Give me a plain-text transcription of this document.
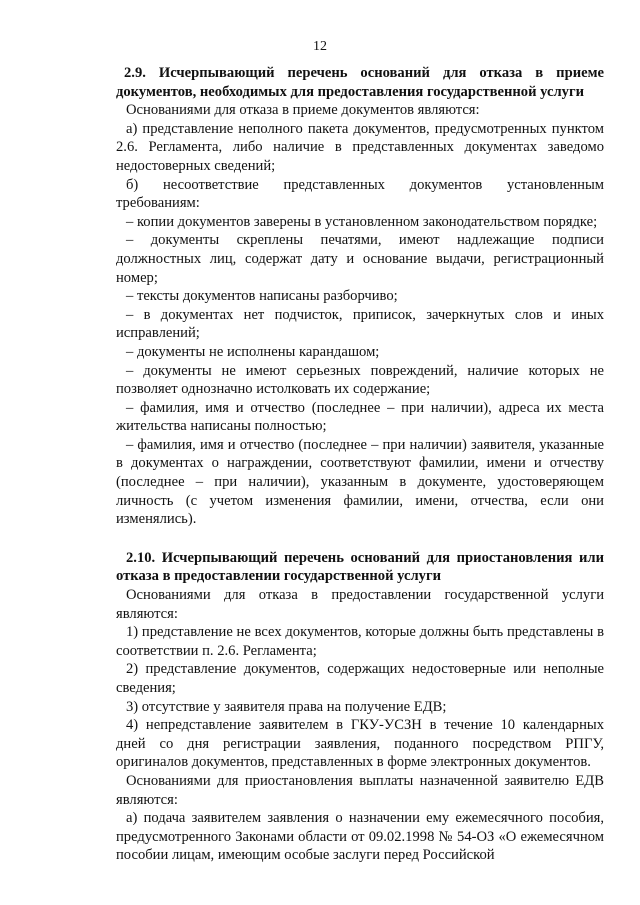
12

2.9. Исчерпывающий перечень оснований для отказа в приеме документов, необходимых для предоставления государственной услуги

Основаниями для отказа в приеме документов являются:

а) представление неполного пакета документов, предусмотренных пунктом 2.6. Регламента, либо наличие в представленных документах заведомо недостоверных сведений;

б) несоответствие представленных документов установленным требованиям:

– копии документов заверены в установленном законодательством порядке;

– документы скреплены печатями, имеют надлежащие подписи должностных лиц, содержат дату и основание выдачи, регистрационный номер;

– тексты документов написаны разборчиво;

– в документах нет подчисток, приписок, зачеркнутых слов и иных исправлений;

– документы не исполнены карандашом;

– документы не имеют серьезных повреждений, наличие которых не позволяет однозначно истолковать их содержание;

– фамилия, имя и отчество (последнее – при наличии), адреса их места жительства написаны полностью;

– фамилия, имя и отчество (последнее – при наличии) заявителя, указанные в документах о награждении, соответствуют фамилии, имени и отчеству (последнее – при наличии), указанным в документе, удостоверяющем личность (с учетом изменения фамилии, имени, отчества, если они изменялись).

2.10. Исчерпывающий перечень оснований для приостановления или отказа в предоставлении государственной услуги

Основаниями для отказа в предоставлении государственной услуги являются:

1) представление не всех документов, которые должны быть представлены в соответствии п. 2.6. Регламента;

2) представление документов, содержащих недостоверные или неполные сведения;

3) отсутствие у заявителя права на получение ЕДВ;

4) непредставление заявителем в ГКУ-УСЗН в течение 10 календарных дней со дня регистрации заявления, поданного посредством РПГУ, оригиналов документов, представленных в форме электронных документов.

Основаниями для приостановления выплаты назначенной заявителю ЕДВ являются:

а) подача заявителем заявления о назначении ему ежемесячного пособия, предусмотренного Законами области от 09.02.1998 № 54-ОЗ «О ежемесячном пособии лицам, имеющим особые заслуги перед Российской
